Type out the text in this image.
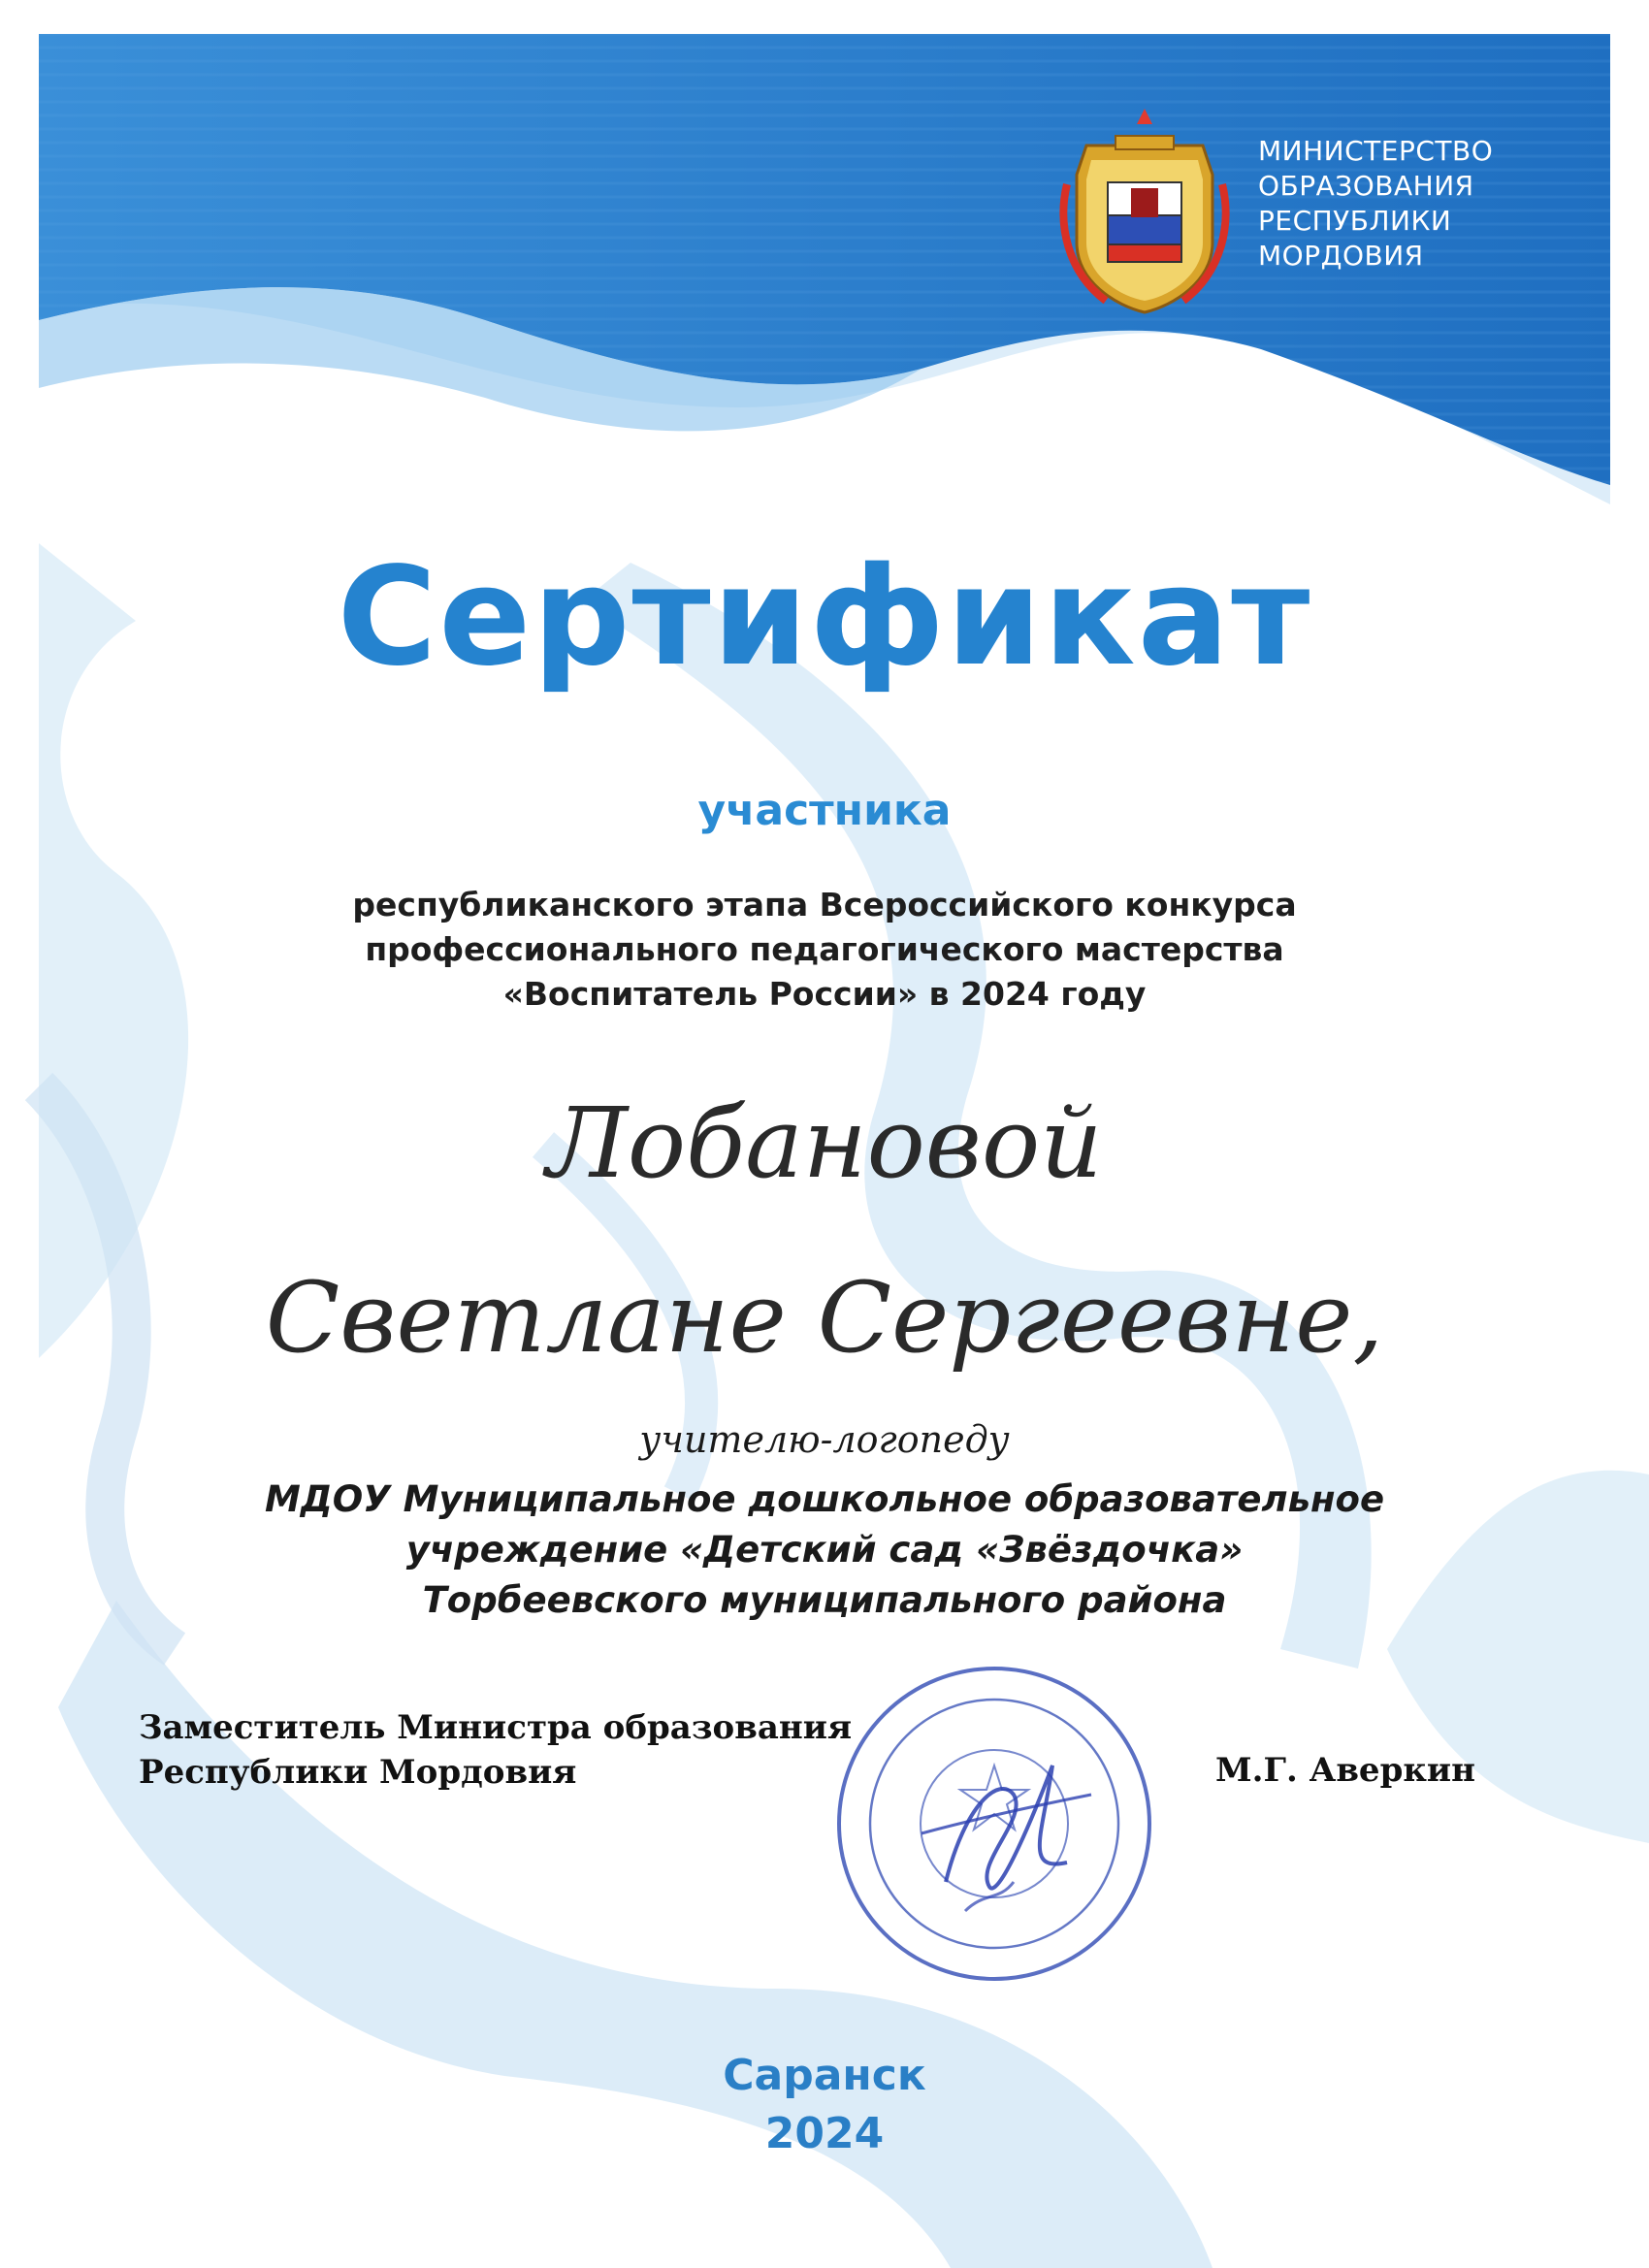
МИНИСТЕРСТВО
ОБРАЗОВАНИЯ
РЕСПУБЛИКИ
МОРДОВИЯ
Сертификат
участника
республиканского этапа Всероссийского конкурса
профессионального педагогического мастерства
«Воспитатель России» в 2024 году
Лобановой
Светлане Сергеевне,
учителю-логопеду
МДОУ Муниципальное дошкольное образовательное
учреждение «Детский сад «Звёздочка»
Торбеевского муниципального района
Заместитель Министра образования
Республики Мордовия	М.Г. Аверкин
Саранск
2024
